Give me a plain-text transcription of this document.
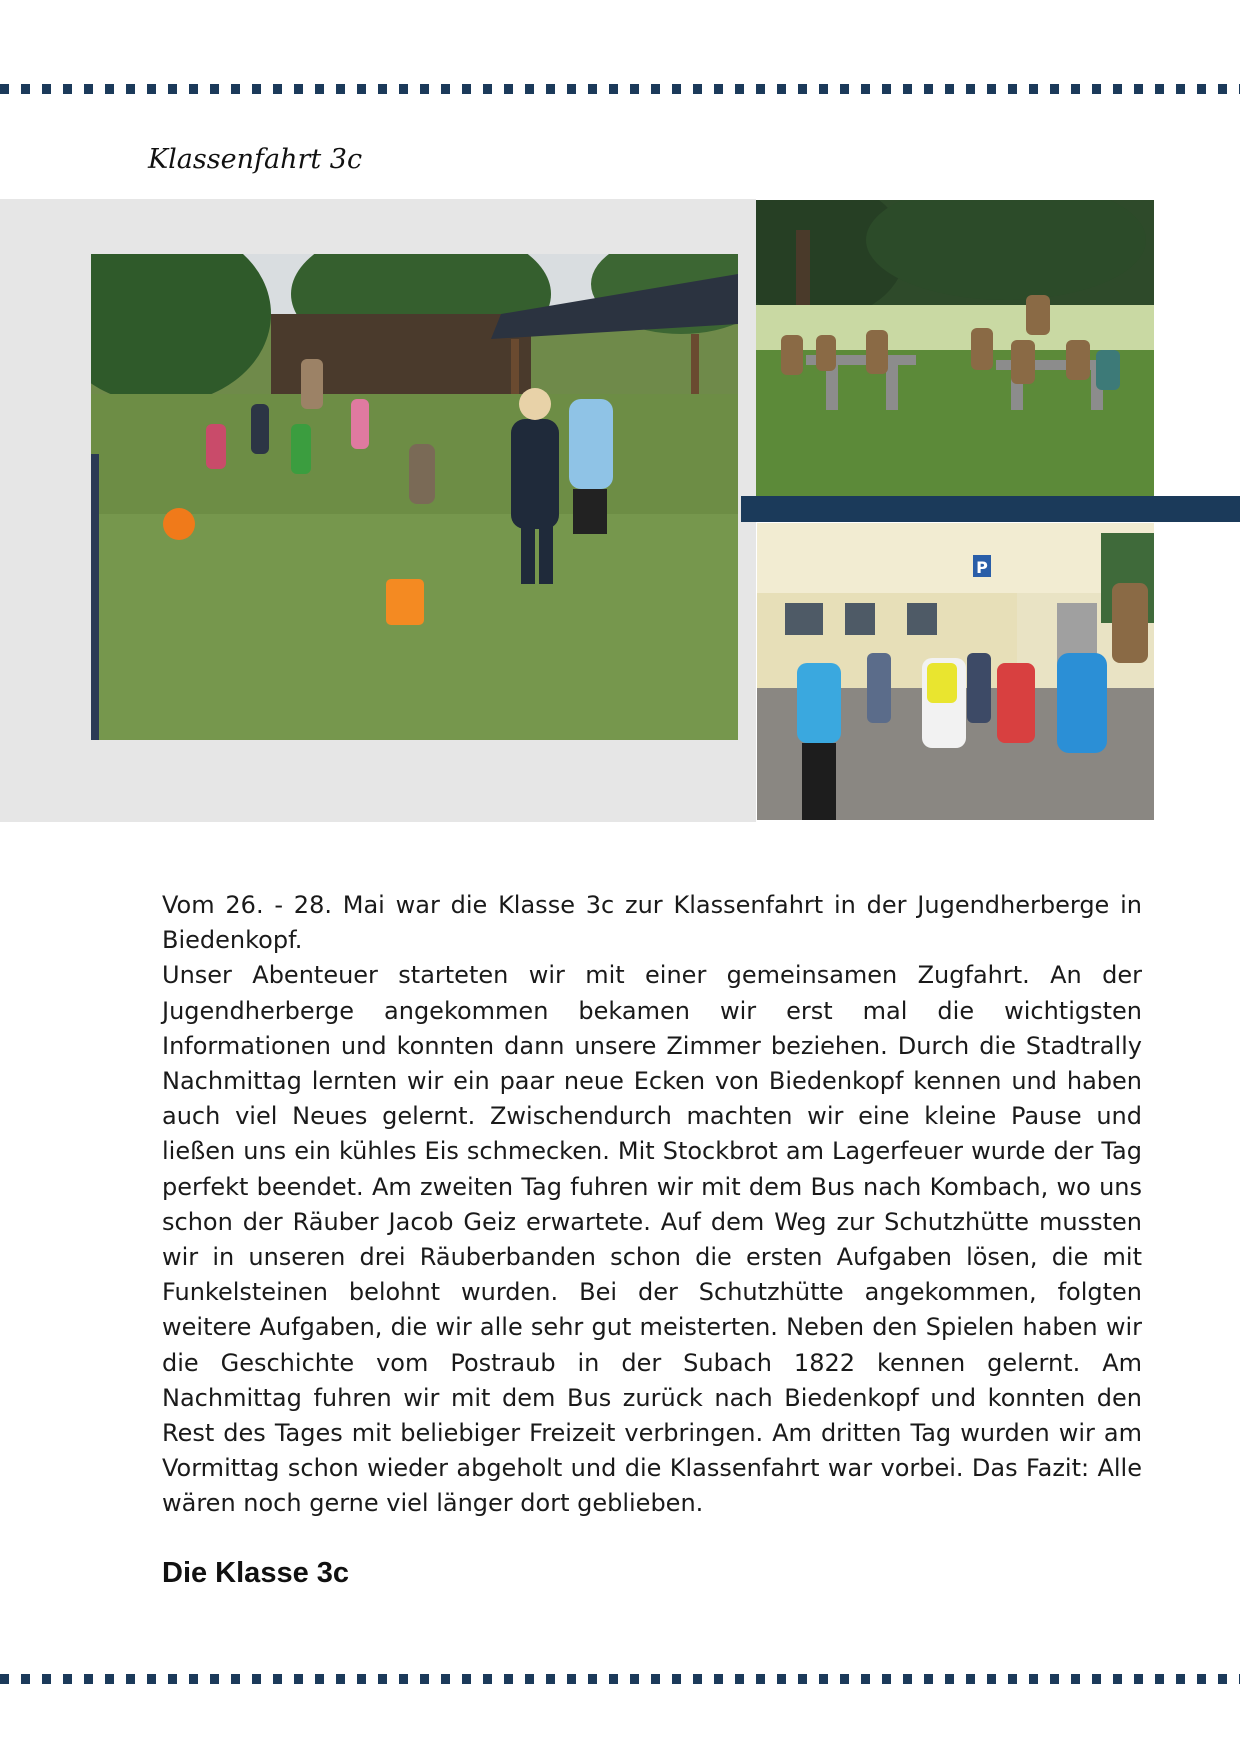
Klassenfahrt 3c
P

Vom 26. - 28. Mai war die Klasse 3c zur Klassenfahrt in der Jugendherberge in Biedenkopf.

Unser Abenteuer starteten wir mit einer gemeinsamen Zugfahrt. An der Jugendherberge angekommen bekamen wir erst mal die wichtigsten Informationen und konnten dann unsere Zimmer beziehen. Durch die Stadtrally Nachmittag lernten wir ein paar neue Ecken von Biedenkopf kennen und haben auch viel Neues gelernt. Zwischendurch machten wir eine kleine Pause und ließen uns ein kühles Eis schmecken. Mit Stockbrot am Lagerfeuer wurde der Tag perfekt beendet. Am zweiten Tag fuhren wir mit dem Bus nach Kombach, wo uns schon der Räuber Jacob Geiz erwartete. Auf dem Weg zur Schutzhütte mussten wir in unseren drei Räuberbanden schon die ersten Aufgaben lösen, die mit Funkelsteinen belohnt wurden. Bei der Schutzhütte angekommen, folgten weitere Aufgaben, die wir alle sehr gut meisterten. Neben den Spielen haben wir die Geschichte vom Postraub in der Subach 1822 kennen gelernt. Am Nachmittag fuhren wir mit dem Bus zurück nach Biedenkopf und konnten den Rest des Tages mit beliebiger Freizeit verbringen. Am dritten Tag wurden wir am Vormittag schon wieder abgeholt und die Klassenfahrt war vorbei. Das Fazit: Alle wären noch gerne viel länger dort geblieben.

Die Klasse 3c
